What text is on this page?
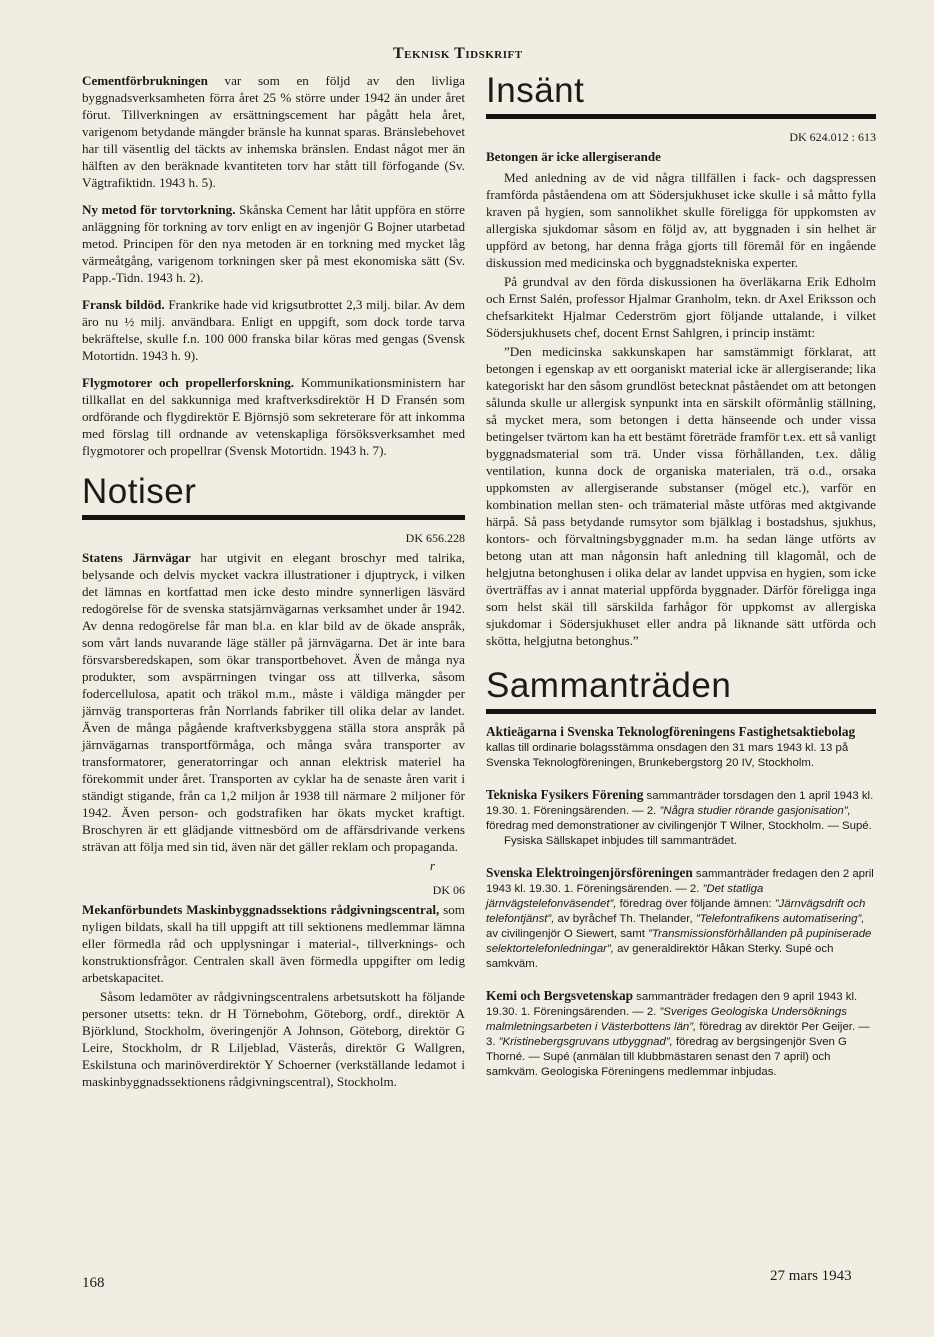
Teknisk Tidskrift

Cementförbrukningen var som en följd av den livliga byggnadsverksamheten förra året 25 % större under 1942 än under året förut. Tillverkningen av ersättningscement har pågått hela året, varigenom betydande mängder bränsle ha kunnat sparas. Bränslebehovet har till väsentlig del täckts av inhemska bränslen. Endast något mer än hälften av den beräknade kvantiteten torv har stått till förfogande (Sv. Vägtrafiktidn. 1943 h. 5).

Ny metod för torvtorkning. Skånska Cement har låtit uppföra en större anläggning för torkning av torv enligt en av ingenjör G Bojner utarbetad metod. Principen för den nya metoden är en torkning med mycket låg värmeåtgång, varigenom torkningen sker på mest ekonomiska sätt (Sv. Papp.-Tidn. 1943 h. 2).

Fransk bildöd. Frankrike hade vid krigsutbrottet 2,3 milj. bilar. Av dem äro nu ½ milj. användbara. Enligt en uppgift, som dock torde tarva bekräftelse, skulle f.n. 100 000 franska bilar köras med gengas (Svensk Motortidn. 1943 h. 9).

Flygmotorer och propellerforskning. Kommunikationsministern har tillkallat en del sakkunniga med kraftverksdirektör H D Fransén som ordförande och flygdirektör E Björnsjö som sekreterare för att inkomma med förslag till ordnande av vetenskapliga försöksverksamhet med flygmotorer och propellrar (Svensk Motortidn. 1943 h. 7).

Notiser
DK 656.228

Statens Järnvägar har utgivit en elegant broschyr med talrika, belysande och delvis mycket vackra illustrationer i djuptryck, i vilken det lämnas en kortfattad men icke desto mindre synnerligen läsvärd redogörelse för de svenska statsjärnvägarnas verksamhet under år 1942. Av denna redogörelse får man bl.a. en klar bild av de ökade anspråk, som vårt lands nuvarande läge ställer på järnvägarna. Det är inte bara försvarsberedskapen, som ökar transportbehovet. Även de många nya produkter, som avspärrningen tvingar oss att tillverka, såsom fodercellulosa, apatit och träkol m.m., måste i väldiga mängder per järnväg transporteras från Norrlands fabriker till olika delar av landet. Även de många pågående kraftverksbyggena ställa stora anspråk på järnvägarnas transportförmåga, och många svåra transporter av transformatorer, generatorringar och annan elektrisk materiel ha förekommit under året. Transporten av cyklar ha de senaste åren varit i ständigt stigande, från ca 1,2 miljon år 1938 till närmare 2 miljoner för 1942. Även person- och godstrafiken har ökats mycket kraftigt. Broschyren är ett glädjande vittnesbörd om de affärsdrivande verkens strävan att följa med sin tid, även när det gäller reklam och propaganda.

r
DK 06

Mekanförbundets Maskinbyggnadssektions rådgivningscentral, som nyligen bildats, skall ha till uppgift att till sektionens medlemmar lämna eller förmedla råd och upplysningar i material-, tillverknings- och konstruktionsfrågor. Centralen skall även förmedla uppgifter om ledig arbetskapacitet.

Såsom ledamöter av rådgivningscentralens arbetsutskott ha följande personer utsetts: tekn. dr H Törnebohm, Göteborg, ordf., direktör A Björklund, Stockholm, överingenjör A Johnson, Göteborg, direktör G Leire, Stockholm, dr R Liljeblad, Västerås, direktör G Wallgren, Eskilstuna och marinöverdirektör Y Schoerner (verkställande ledamot i maskinbyggnadssektionens rådgivningscentral), Stockholm.

Insänt
DK 624.012 : 613
Betongen är icke allergiserande

Med anledning av de vid några tillfällen i fack- och dagspressen framförda påståendena om att Södersjukhuset icke skulle i så måtto fylla kraven på hygien, som sannolikhet skulle föreligga för uppkomsten av allergiska sjukdomar såsom en följd av, att byggnaden i sin helhet är uppförd av betong, har denna fråga gjorts till föremål för en ingående diskussion med medicinska och byggnadstekniska experter.

På grundval av den förda diskussionen ha överläkarna Erik Edholm och Ernst Salén, professor Hjalmar Granholm, tekn. dr Axel Eriksson och chefsarkitekt Hjalmar Cederström gjort följande uttalande, i vilket Södersjukhusets chef, docent Ernst Sahlgren, i princip instämt:

”Den medicinska sakkunskapen har samstämmigt förklarat, att betongen i egenskap av ett oorganiskt material icke är allergiserande; lika kategoriskt har den såsom grundlöst betecknat påståendet om att betongen sålunda skulle ur allergisk synpunkt inta en särskilt oförmånlig ställning, så mycket mera, som betongen i detta hänseende och under vissa betingelser tvärtom kan ha ett bestämt företräde framför t.ex. ett så vanligt byggnadsmaterial som trä. Under vissa förhållanden, t.ex. dålig ventilation, kunna dock de organiska materialen, trä o.d., orsaka uppkomsten av allergiserande substanser (mögel etc.), varför en kombination mellan sten- och trämaterial måste utföras med aktgivande härpå. Så pass betydande rumsytor som bjälklag i bostadshus, sjukhus, kontors- och förvaltningsbyggnader m.m. ha sedan länge utförts av betong utan att man någonsin haft anledning till klagomål, och de helgjutna betonghusen i olika delar av landet uppvisa en hygien, som icke överträffas av i annat material uppförda byggnader. Därför föreligga inga som helst skäl till särskilda farhågor för uppkomst av allergiska sjukdomar i Södersjukhuset eller andra på liknande sätt utförda och skötta, helgjutna betonghus.”

Sammanträden

Aktieägarna i Svenska Teknologföreningens Fastighetsaktiebolag kallas till ordinarie bolagsstämma onsdagen den 31 mars 1943 kl. 13 på Svenska Teknologföreningen, Brunkebergstorg 20 IV, Stockholm.

Tekniska Fysikers Förening sammanträder torsdagen den 1 april 1943 kl. 19.30. 1. Föreningsärenden. — 2. ”Några studier rörande gasjonisation”, föredrag med demonstrationer av civilingenjör T Wilner, Stockholm. — Supé.
Fysiska Sällskapet inbjudes till sammanträdet.

Svenska Elektroingenjörsföreningen sammanträder fredagen den 2 april 1943 kl. 19.30. 1. Föreningsärenden. — 2. ”Det statliga järnvägstelefonväsendet”, föredrag över följande ämnen: ”Järnvägsdrift och telefontjänst”, av byråchef Th. Thelander, ”Telefontrafikens automatisering”, av civilingenjör O Siewert, samt ”Transmissionsförhållanden på pupiniserade selektortelefonledningar”, av generaldirektör Håkan Sterky. Supé och samkväm.

Kemi och Bergsvetenskap sammanträder fredagen den 9 april 1943 kl. 19.30. 1. Föreningsärenden. — 2. ”Sveriges Geologiska Undersöknings malmletningsarbeten i Västerbottens län”, föredrag av direktör Per Geijer. — 3. ”Kristinebergsgruvans utbyggnad”, föredrag av bergsingenjör Sven G Thorné. — Supé (anmälan till klubbmästaren senast den 7 april) och samkväm. Geologiska Föreningens medlemmar inbjudas.

168	27 mars 1943
